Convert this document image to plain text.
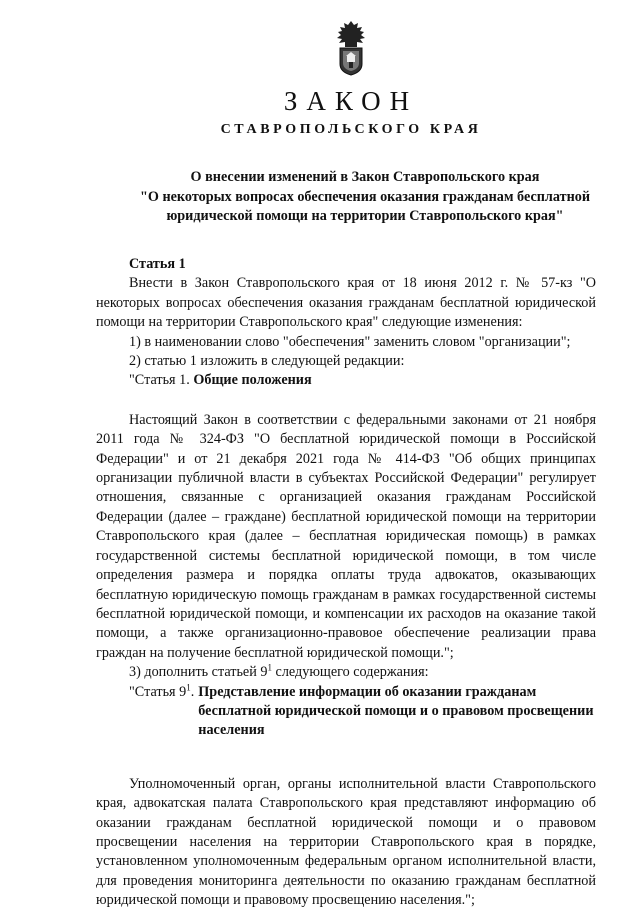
ЗАКОН
СТАВРОПОЛЬСКОГО КРАЯ
О внесении изменений в Закон Ставропольского края
"О некоторых вопросах обеспечения оказания гражданам бесплатной
юридической помощи на территории Ставропольского края"

Статья 1

Внести в Закон Ставропольского края от 18 июня 2012 г. № 57-кз "О некоторых вопросах обеспечения оказания гражданам бесплатной юридической помощи на территории Ставропольского края" следующие изменения:

1) в наименовании слово "обеспечения" заменить словом "организации";

2) статью 1 изложить в следующей редакции:

"Статья 1. Общие положения

Настоящий Закон в соответствии с федеральными законами от 21 ноября 2011 года № 324-ФЗ "О бесплатной юридической помощи в Российской Федерации" и от 21 декабря 2021 года № 414-ФЗ "Об общих принципах организации публичной власти в субъектах Российской Федерации" регулирует отношения, связанные с организацией оказания гражданам Российской Федерации (далее – граждане) бесплатной юридической помощи на территории Ставропольского края (далее – бесплатная юридическая помощь) в рамках государственной системы бесплатной юридической помощи, в том числе определения размера и порядка оплаты труда адвокатов, оказывающих бесплатную юридическую помощь гражданам в рамках государственной системы бесплатной юридической помощи, и компенсации их расходов на оказание такой помощи, а также организационно-правовое обеспечение реализации права граждан на получение бесплатной юридической помощи.";

3) дополнить статьей $9^1$ следующего содержания:

"Статья $9^1$. Представление информации об оказании гражданам бесплатной юридической помощи и о правовом просвещении населения

Уполномоченный орган, органы исполнительной власти Ставропольского края, адвокатская палата Ставропольского края представляют информацию об оказании гражданам бесплатной юридической помощи и о правовом просвещении населения на территории Ставропольского края в порядке, установленном уполномоченным федеральным органом исполнительной власти, для проведения мониторинга деятельности по оказанию гражданам бесплатной юридической помощи и правовому просвещению населения.";
